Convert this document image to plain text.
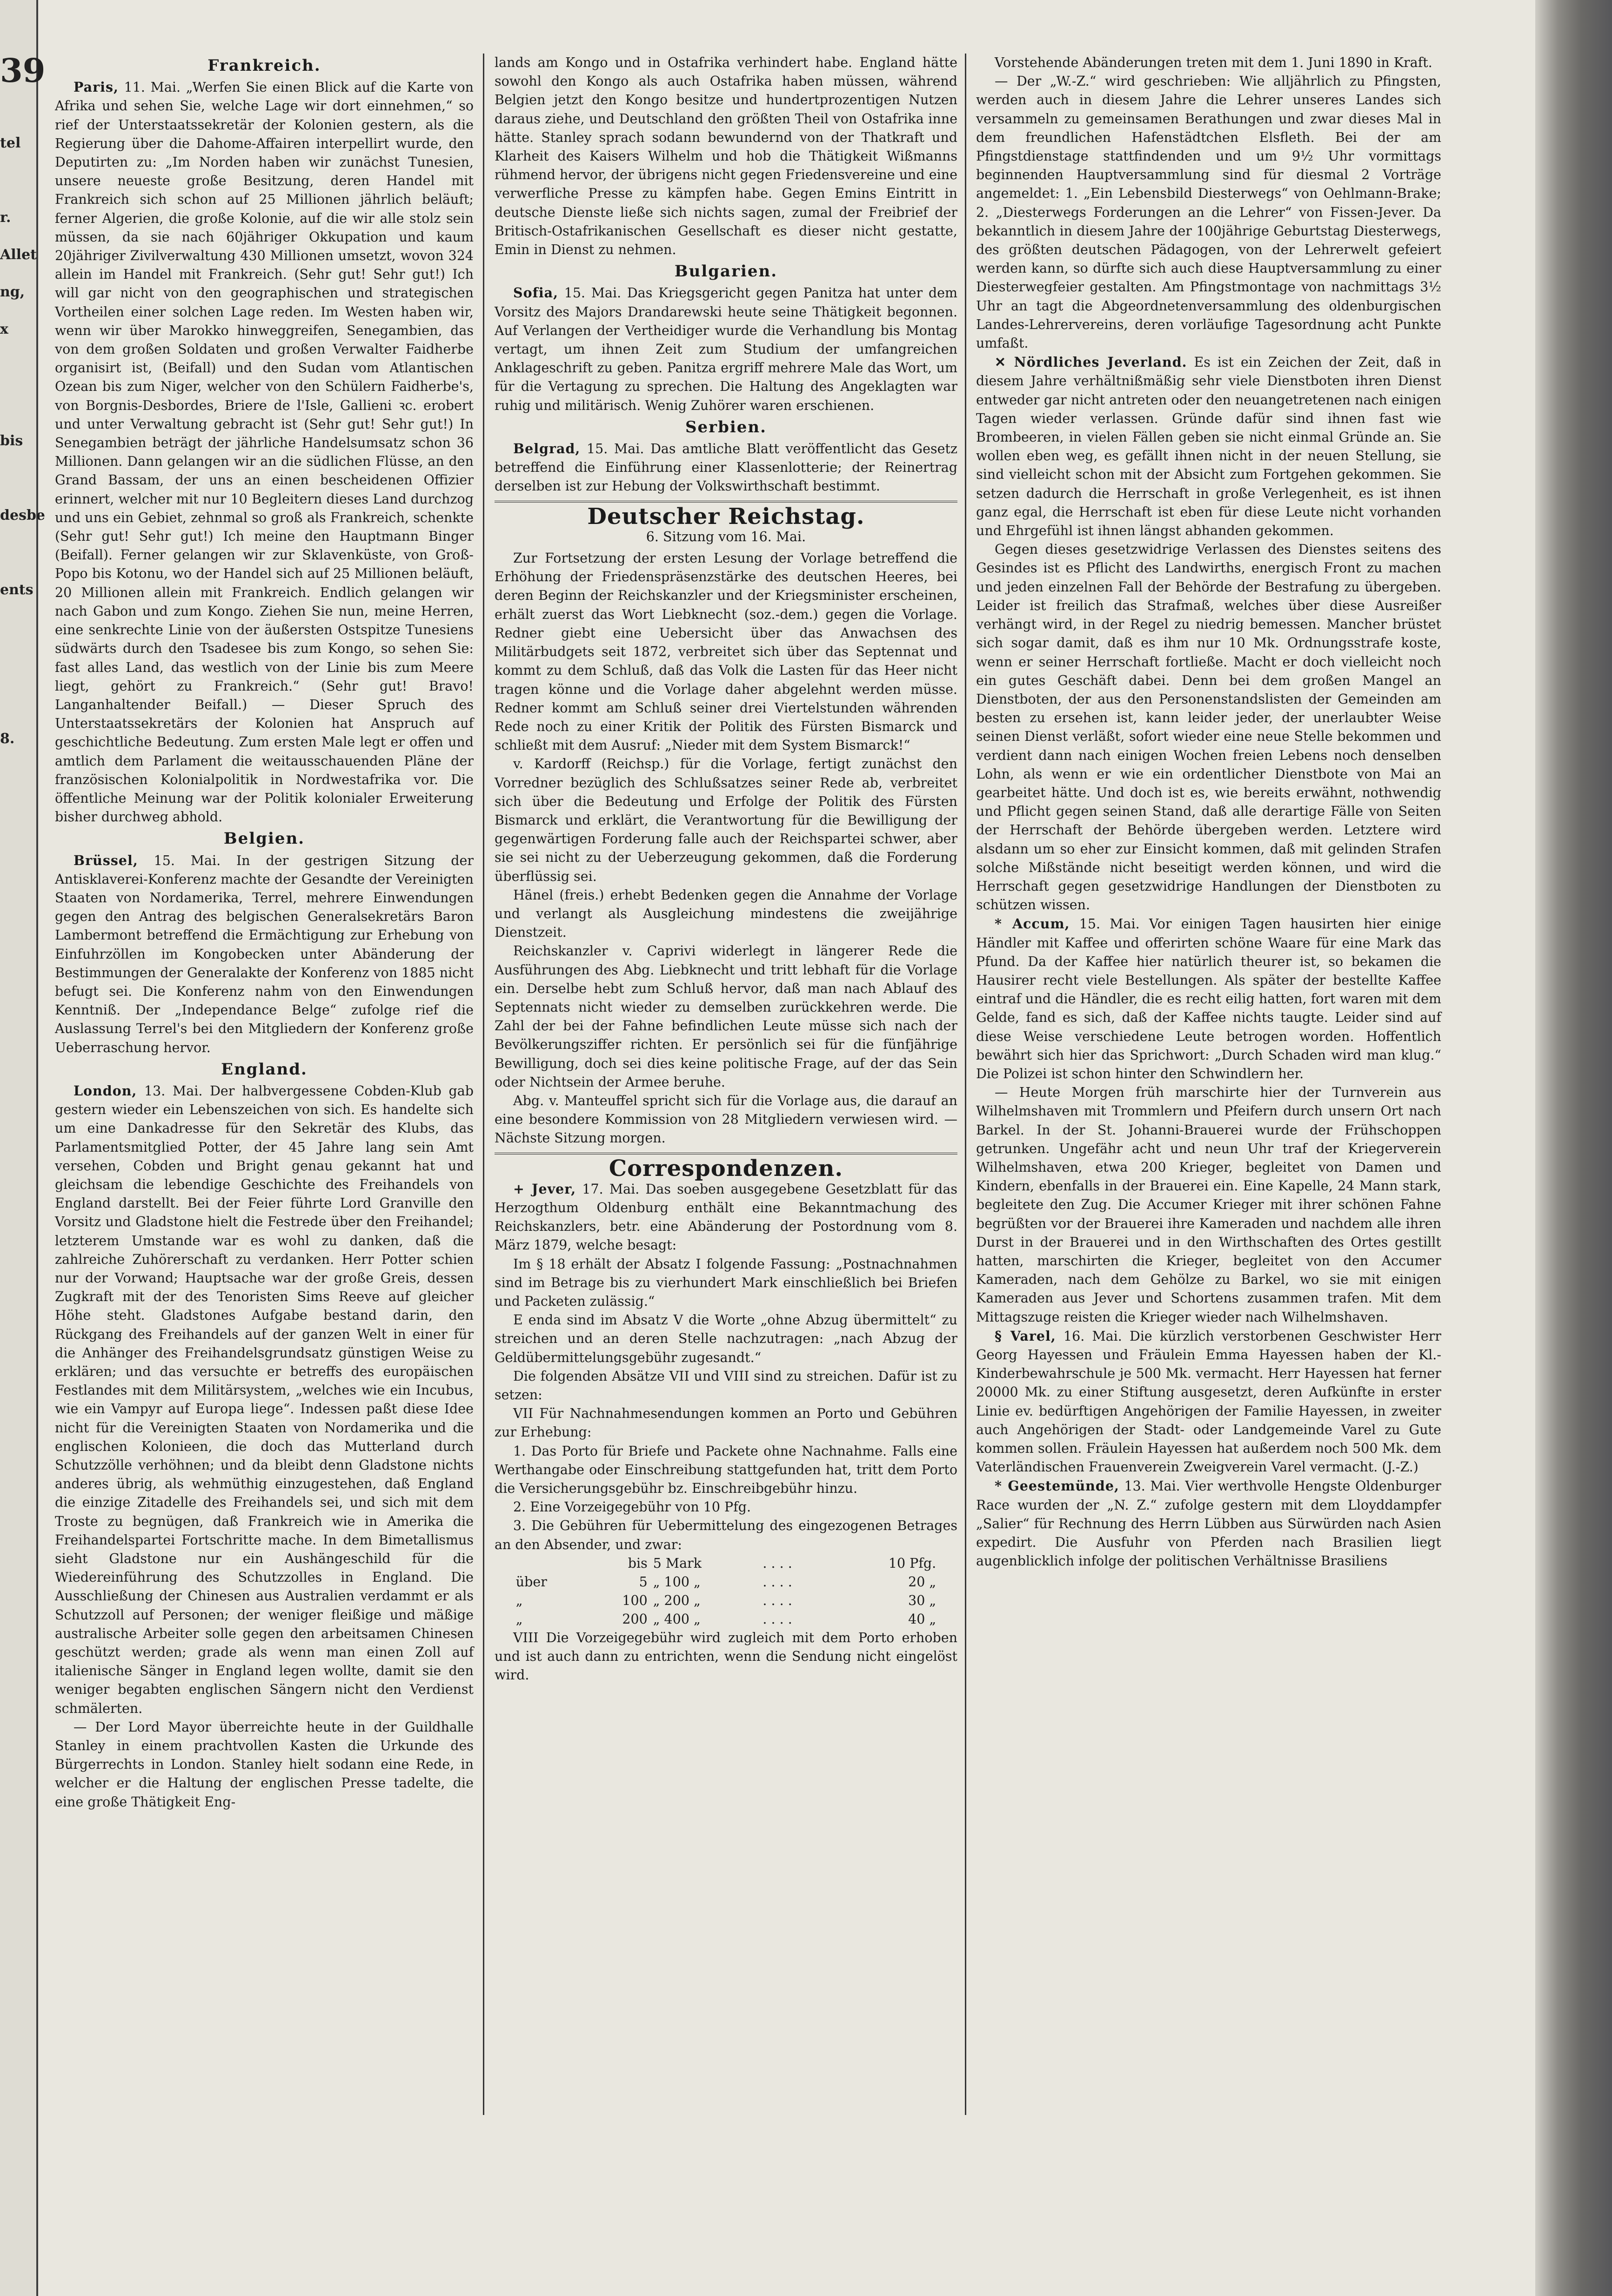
39
tel
r.
Allet
ng,
x
bis
desbe
ents
8.
Frankreich.

Paris, 11. Mai. „Werfen Sie einen Blick auf die Karte von Afrika und sehen Sie, welche Lage wir dort einnehmen,“ so rief der Unterstaatssekretär der Kolonien gestern, als die Regierung über die Dahome-Affairen interpellirt wurde, den Deputirten zu: „Im Norden haben wir zunächst Tunesien, unsere neueste große Besitzung, deren Handel mit Frankreich sich schon auf 25 Millionen jährlich beläuft; ferner Algerien, die große Kolonie, auf die wir alle stolz sein müssen, da sie nach 60jähriger Okkupation und kaum 20jähriger Zivilverwaltung 430 Millionen umsetzt, wovon 324 allein im Handel mit Frankreich. (Sehr gut! Sehr gut!) Ich will gar nicht von den geographischen und strategischen Vortheilen einer solchen Lage reden. Im Westen haben wir, wenn wir über Marokko hinweggreifen, Senegambien, das von dem großen Soldaten und großen Verwalter Faidherbe organisirt ist, (Beifall) und den Sudan vom Atlantischen Ozean bis zum Niger, welcher von den Schülern Faidherbe's, von Borgnis-Desbordes, Briere de l'Isle, Gallieni ꝛc. erobert und unter Verwaltung gebracht ist (Sehr gut! Sehr gut!) In Senegambien beträgt der jährliche Handelsumsatz schon 36 Millionen. Dann gelangen wir an die südlichen Flüsse, an den Grand Bassam, der uns an einen bescheidenen Offizier erinnert, welcher mit nur 10 Begleitern dieses Land durchzog und uns ein Gebiet, zehnmal so groß als Frankreich, schenkte (Sehr gut! Sehr gut!) Ich meine den Hauptmann Binger (Beifall). Ferner gelangen wir zur Sklavenküste, von Groß-Popo bis Kotonu, wo der Handel sich auf 25 Millionen beläuft, 20 Millionen allein mit Frankreich. Endlich gelangen wir nach Gabon und zum Kongo. Ziehen Sie nun, meine Herren, eine senkrechte Linie von der äußersten Ostspitze Tunesiens südwärts durch den Tsadesee bis zum Kongo, so sehen Sie: fast alles Land, das westlich von der Linie bis zum Meere liegt, gehört zu Frankreich.“ (Sehr gut! Bravo! Langanhaltender Beifall.) — Dieser Spruch des Unterstaatssekretärs der Kolonien hat Anspruch auf geschichtliche Bedeutung. Zum ersten Male legt er offen und amtlich dem Parlament die weitausschauenden Pläne der französischen Kolonialpolitik in Nordwestafrika vor. Die öffentliche Meinung war der Politik kolonialer Erweiterung bisher durchweg abhold.

Belgien.

Brüssel, 15. Mai. In der gestrigen Sitzung der Antisklaverei-Konferenz machte der Gesandte der Vereinigten Staaten von Nordamerika, Terrel, mehrere Einwendungen gegen den Antrag des belgischen Generalsekretärs Baron Lambermont betreffend die Ermächtigung zur Erhebung von Einfuhrzöllen im Kongobecken unter Abänderung der Bestimmungen der Generalakte der Konferenz von 1885 nicht befugt sei. Die Konferenz nahm von den Einwendungen Kenntniß. Der „Independance Belge“ zufolge rief die Auslassung Terrel's bei den Mitgliedern der Konferenz große Ueberraschung hervor.

England.

London, 13. Mai. Der halbvergessene Cobden-Klub gab gestern wieder ein Lebenszeichen von sich. Es handelte sich um eine Dankadresse für den Sekretär des Klubs, das Parlamentsmitglied Potter, der 45 Jahre lang sein Amt versehen, Cobden und Bright genau gekannt hat und gleichsam die lebendige Geschichte des Freihandels von England darstellt. Bei der Feier führte Lord Granville den Vorsitz und Gladstone hielt die Festrede über den Freihandel; letzterem Umstande war es wohl zu danken, daß die zahlreiche Zuhörerschaft zu verdanken. Herr Potter schien nur der Vorwand; Hauptsache war der große Greis, dessen Zugkraft mit der des Tenoristen Sims Reeve auf gleicher Höhe steht. Gladstones Aufgabe bestand darin, den Rückgang des Freihandels auf der ganzen Welt in einer für die Anhänger des Freihandelsgrundsatz günstigen Weise zu erklären; und das versuchte er betreffs des europäischen Festlandes mit dem Militärsystem, „welches wie ein Incubus, wie ein Vampyr auf Europa liege“. Indessen paßt diese Idee nicht für die Vereinigten Staaten von Nordamerika und die englischen Kolonieen, die doch das Mutterland durch Schutzzölle verhöhnen; und da bleibt denn Gladstone nichts anderes übrig, als wehmüthig einzugestehen, daß England die einzige Zitadelle des Freihandels sei, und sich mit dem Troste zu begnügen, daß Frankreich wie in Amerika die Freihandelspartei Fortschritte mache. In dem Bimetallismus sieht Gladstone nur ein Aushängeschild für die Wiedereinführung des Schutzzolles in England. Die Ausschließung der Chinesen aus Australien verdammt er als Schutzzoll auf Personen; der weniger fleißige und mäßige australische Arbeiter solle gegen den arbeitsamen Chinesen geschützt werden; grade als wenn man einen Zoll auf italienische Sänger in England legen wollte, damit sie den weniger begabten englischen Sängern nicht den Verdienst schmälerten.

— Der Lord Mayor überreichte heute in der Guildhalle Stanley in einem prachtvollen Kasten die Urkunde des Bürgerrechts in London. Stanley hielt sodann eine Rede, in welcher er die Haltung der englischen Presse tadelte, die eine große Thätigkeit Eng-

lands am Kongo und in Ostafrika verhindert habe. England hätte sowohl den Kongo als auch Ostafrika haben müssen, während Belgien jetzt den Kongo besitze und hundertprozentigen Nutzen daraus ziehe, und Deutschland den größten Theil von Ostafrika inne hätte. Stanley sprach sodann bewundernd von der Thatkraft und Klarheit des Kaisers Wilhelm und hob die Thätigkeit Wißmanns rühmend hervor, der übrigens nicht gegen Friedensvereine und eine verwerfliche Presse zu kämpfen habe. Gegen Emins Eintritt in deutsche Dienste ließe sich nichts sagen, zumal der Freibrief der Britisch-Ostafrikanischen Gesellschaft es dieser nicht gestatte, Emin in Dienst zu nehmen.

Bulgarien.

Sofia, 15. Mai. Das Kriegsgericht gegen Panitza hat unter dem Vorsitz des Majors Drandarewski heute seine Thätigkeit begonnen. Auf Verlangen der Vertheidiger wurde die Verhandlung bis Montag vertagt, um ihnen Zeit zum Studium der umfangreichen Anklageschrift zu geben. Panitza ergriff mehrere Male das Wort, um für die Vertagung zu sprechen. Die Haltung des Angeklagten war ruhig und militärisch. Wenig Zuhörer waren erschienen.

Serbien.

Belgrad, 15. Mai. Das amtliche Blatt veröffentlicht das Gesetz betreffend die Einführung einer Klassenlotterie; der Reinertrag derselben ist zur Hebung der Volkswirthschaft bestimmt.

Deutscher Reichstag.
6. Sitzung vom 16. Mai.

Zur Fortsetzung der ersten Lesung der Vorlage betreffend die Erhöhung der Friedenspräsenzstärke des deutschen Heeres, bei deren Beginn der Reichskanzler und der Kriegsminister erscheinen, erhält zuerst das Wort Liebknecht (soz.-dem.) gegen die Vorlage. Redner giebt eine Uebersicht über das Anwachsen des Militärbudgets seit 1872, verbreitet sich über das Septennat und kommt zu dem Schluß, daß das Volk die Lasten für das Heer nicht tragen könne und die Vorlage daher abgelehnt werden müsse. Redner kommt am Schluß seiner drei Viertelstunden währenden Rede noch zu einer Kritik der Politik des Fürsten Bismarck und schließt mit dem Ausruf: „Nieder mit dem System Bismarck!“

v. Kardorff (Reichsp.) für die Vorlage, fertigt zunächst den Vorredner bezüglich des Schlußsatzes seiner Rede ab, verbreitet sich über die Bedeutung und Erfolge der Politik des Fürsten Bismarck und erklärt, die Verantwortung für die Bewilligung der gegenwärtigen Forderung falle auch der Reichspartei schwer, aber sie sei nicht zu der Ueberzeugung gekommen, daß die Forderung überflüssig sei.

Hänel (freis.) erhebt Bedenken gegen die Annahme der Vorlage und verlangt als Ausgleichung mindestens die zweijährige Dienstzeit.

Reichskanzler v. Caprivi widerlegt in längerer Rede die Ausführungen des Abg. Liebknecht und tritt lebhaft für die Vorlage ein. Derselbe hebt zum Schluß hervor, daß man nach Ablauf des Septennats nicht wieder zu demselben zurückkehren werde. Die Zahl der bei der Fahne befindlichen Leute müsse sich nach der Bevölkerungsziffer richten. Er persönlich sei für die fünfjährige Bewilligung, doch sei dies keine politische Frage, auf der das Sein oder Nichtsein der Armee beruhe.

Abg. v. Manteuffel spricht sich für die Vorlage aus, die darauf an eine besondere Kommission von 28 Mitgliedern verwiesen wird. — Nächste Sitzung morgen.

Correspondenzen.

+ Jever, 17. Mai. Das soeben ausgegebene Gesetzblatt für das Herzogthum Oldenburg enthält eine Bekanntmachung des Reichskanzlers, betr. eine Abänderung der Postordnung vom 8. März 1879, welche besagt:

Im § 18 erhält der Absatz I folgende Fassung: „Postnachnahmen sind im Betrage bis zu vierhundert Mark einschließlich bei Briefen und Packeten zulässig.“

E enda sind im Absatz V die Worte „ohne Abzug übermittelt“ zu streichen und an deren Stelle nachzutragen: „nach Abzug der Geldübermittelungsgebühr zugesandt.“

Die folgenden Absätze VII und VIII sind zu streichen. Dafür ist zu setzen:

VII Für Nachnahmesendungen kommen an Porto und Gebühren zur Erhebung:

1. Das Porto für Briefe und Packete ohne Nachnahme. Falls eine Werthangabe oder Einschreibung stattgefunden hat, tritt dem Porto die Versicherungsgebühr bz. Einschreibgebühr hinzu.

2. Eine Vorzeigegebühr von 10 Pfg.

3. Die Gebühren für Uebermittelung des eingezogenen Betrages an den Absender, und zwar:

	bis	5 Mark	. . . .	10 Pfg.
über	5	„ 100 „	. . . .	20 „
„	100	„ 200 „	. . . .	30 „
„	200	„ 400 „	. . . .	40 „

VIII Die Vorzeigegebühr wird zugleich mit dem Porto erhoben und ist auch dann zu entrichten, wenn die Sendung nicht eingelöst wird.

Vorstehende Abänderungen treten mit dem 1. Juni 1890 in Kraft.

— Der „W.-Z.“ wird geschrieben: Wie alljährlich zu Pfingsten, werden auch in diesem Jahre die Lehrer unseres Landes sich versammeln zu gemeinsamen Berathungen und zwar dieses Mal in dem freundlichen Hafenstädtchen Elsfleth. Bei der am Pfingstdienstage stattfindenden und um 9½ Uhr vormittags beginnenden Hauptversammlung sind für diesmal 2 Vorträge angemeldet: 1. „Ein Lebensbild Diesterwegs“ von Oehlmann-Brake; 2. „Diesterwegs Forderungen an die Lehrer“ von Fissen-Jever. Da bekanntlich in diesem Jahre der 100jährige Geburtstag Diesterwegs, des größten deutschen Pädagogen, von der Lehrerwelt gefeiert werden kann, so dürfte sich auch diese Hauptversammlung zu einer Diesterwegfeier gestalten. Am Pfingstmontage von nachmittags 3½ Uhr an tagt die Abgeordnetenversammlung des oldenburgischen Landes-Lehrervereins, deren vorläufige Tagesordnung acht Punkte umfaßt.

✕ Nördliches Jeverland. Es ist ein Zeichen der Zeit, daß in diesem Jahre verhältnißmäßig sehr viele Dienstboten ihren Dienst entweder gar nicht antreten oder den neuangetretenen nach einigen Tagen wieder verlassen. Gründe dafür sind ihnen fast wie Brombeeren, in vielen Fällen geben sie nicht einmal Gründe an. Sie wollen eben weg, es gefällt ihnen nicht in der neuen Stellung, sie sind vielleicht schon mit der Absicht zum Fortgehen gekommen. Sie setzen dadurch die Herrschaft in große Verlegenheit, es ist ihnen ganz egal, die Herrschaft ist eben für diese Leute nicht vorhanden und Ehrgefühl ist ihnen längst abhanden gekommen.

Gegen dieses gesetzwidrige Verlassen des Dienstes seitens des Gesindes ist es Pflicht des Landwirths, energisch Front zu machen und jeden einzelnen Fall der Behörde der Bestrafung zu übergeben. Leider ist freilich das Strafmaß, welches über diese Ausreißer verhängt wird, in der Regel zu niedrig bemessen. Mancher brüstet sich sogar damit, daß es ihm nur 10 Mk. Ordnungsstrafe koste, wenn er seiner Herrschaft fortließe. Macht er doch vielleicht noch ein gutes Geschäft dabei. Denn bei dem großen Mangel an Dienstboten, der aus den Personenstandslisten der Gemeinden am besten zu ersehen ist, kann leider jeder, der unerlaubter Weise seinen Dienst verläßt, sofort wieder eine neue Stelle bekommen und verdient dann nach einigen Wochen freien Lebens noch denselben Lohn, als wenn er wie ein ordentlicher Dienstbote von Mai an gearbeitet hätte. Und doch ist es, wie bereits erwähnt, nothwendig und Pflicht gegen seinen Stand, daß alle derartige Fälle von Seiten der Herrschaft der Behörde übergeben werden. Letztere wird alsdann um so eher zur Einsicht kommen, daß mit gelinden Strafen solche Mißstände nicht beseitigt werden können, und wird die Herrschaft gegen gesetzwidrige Handlungen der Dienstboten zu schützen wissen.

* Accum, 15. Mai. Vor einigen Tagen hausirten hier einige Händler mit Kaffee und offerirten schöne Waare für eine Mark das Pfund. Da der Kaffee hier natürlich theurer ist, so bekamen die Hausirer recht viele Bestellungen. Als später der bestellte Kaffee eintraf und die Händler, die es recht eilig hatten, fort waren mit dem Gelde, fand es sich, daß der Kaffee nichts taugte. Leider sind auf diese Weise verschiedene Leute betrogen worden. Hoffentlich bewährt sich hier das Sprichwort: „Durch Schaden wird man klug.“ Die Polizei ist schon hinter den Schwindlern her.

— Heute Morgen früh marschirte hier der Turnverein aus Wilhelmshaven mit Trommlern und Pfeifern durch unsern Ort nach Barkel. In der St. Johanni-Brauerei wurde der Frühschoppen getrunken. Ungefähr acht und neun Uhr traf der Kriegerverein Wilhelmshaven, etwa 200 Krieger, begleitet von Damen und Kindern, ebenfalls in der Brauerei ein. Eine Kapelle, 24 Mann stark, begleitete den Zug. Die Accumer Krieger mit ihrer schönen Fahne begrüßten vor der Brauerei ihre Kameraden und nachdem alle ihren Durst in der Brauerei und in den Wirthschaften des Ortes gestillt hatten, marschirten die Krieger, begleitet von den Accumer Kameraden, nach dem Gehölze zu Barkel, wo sie mit einigen Kameraden aus Jever und Schortens zusammen trafen. Mit dem Mittagszuge reisten die Krieger wieder nach Wilhelmshaven.

§ Varel, 16. Mai. Die kürzlich verstorbenen Geschwister Herr Georg Hayessen und Fräulein Emma Hayessen haben der Kl.-Kinderbewahrschule je 500 Mk. vermacht. Herr Hayessen hat ferner 20000 Mk. zu einer Stiftung ausgesetzt, deren Aufkünfte in erster Linie ev. bedürftigen Angehörigen der Familie Hayessen, in zweiter auch Angehörigen der Stadt- oder Landgemeinde Varel zu Gute kommen sollen. Fräulein Hayessen hat außerdem noch 500 Mk. dem Vaterländischen Frauenverein Zweigverein Varel vermacht. (J.-Z.)

* Geestemünde, 13. Mai. Vier werthvolle Hengste Oldenburger Race wurden der „N. Z.“ zufolge gestern mit dem Lloyddampfer „Salier“ für Rechnung des Herrn Lübben aus Sürwürden nach Asien expedirt. Die Ausfuhr von Pferden nach Brasilien liegt augenblicklich infolge der politischen Verhältnisse Brasiliens
